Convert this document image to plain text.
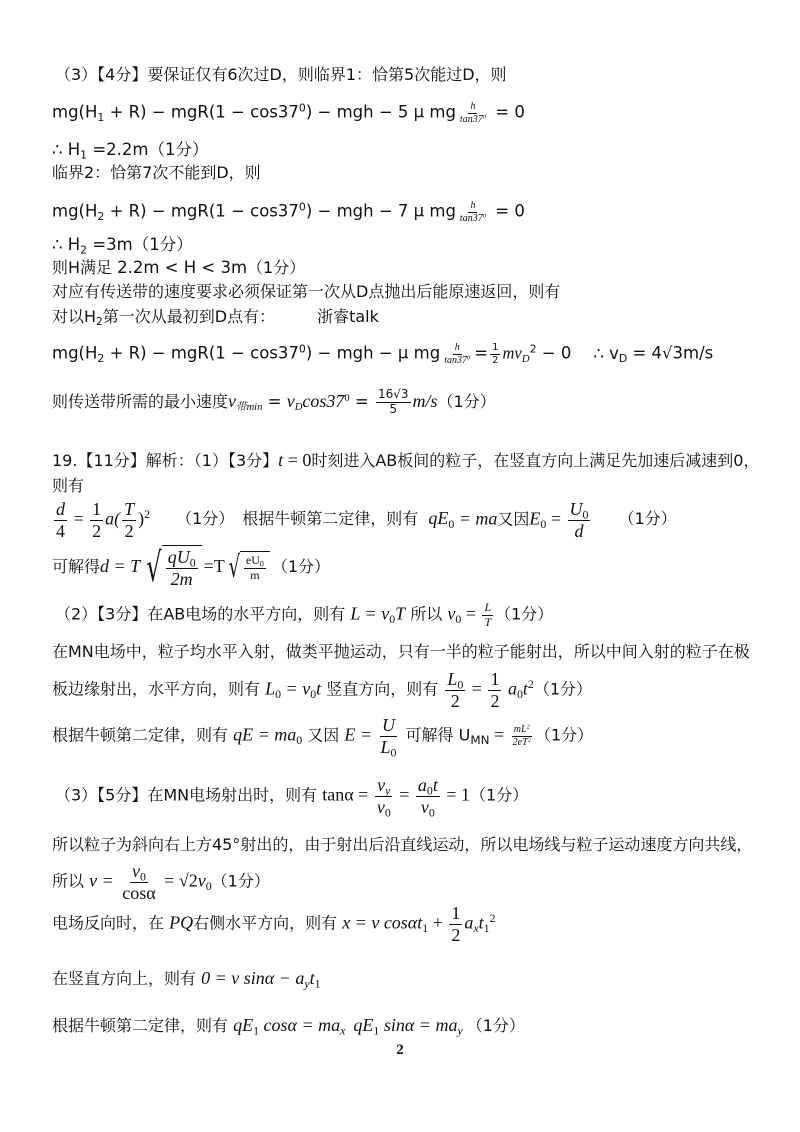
（3）【4分】要保证仅有6次过D，则临界1：恰第5次能过D，则
$mg(H1 + R) - mgR(1 - \cos 37^0)$ − mgh − 5 μ mg $\frac{h}{\tan 37^0} = 0$
∴ H1 =2.2m（1分）
临界2：恰第7次不能到D，则
$mg(H2 + R) - mgR(1 - \cos 37^0)$ − mgh − 7 μ mg $\frac{h}{\tan 37^0} = 0$
∴ H2 =3m（1分）
则H满足 2.2m < H < 3m（1分）
对应有传送带的速度要求必须保证第一次从D点抛出后能原速返回，则有
对以H2第一次从最初到D点有：	浙睿talk
$mg(H2 + R) - mgR(1 - \cos 37^0)$ − mgh − μ mg $\frac{h}{\tan 37^0} = \frac{1}{2} mvD^2 - 0$ ∴ vD = 4√3m/s
则传送带所需的最小速度v带$\min = vDcos37^0 = \frac{16√3}{5} m/s(1$分）
19.【11分】解析：（1）【3分】t = 0时刻进入AB板间的粒子，在竖直方向上满足先加速后减速到0，
则有
$\frac{d}{4} = \frac{1}{2} a( \frac{T}{2} )^2$ （1分） 根据牛顿第二定律，则有 qE0 = ma又因$E0 = \frac{U0}{d} (1$分）
可解得d = T √ $\frac{qU0}{2m} =T$ √ $\frac{eU0}{m} (1$分）
（2）【3分】在AB电场的水平方向，则有 L = v0T 所以 $v0 = \frac{L}{T} (1$分）
在MN电场中，粒子均水平入射，做类平抛运动，只有一半的粒子能射出，所以中间入射的粒子在极
板边缘射出，水平方向，则有 L0 = v0t 竖直方向，则有 $\frac{L0}{2} = \frac{1}{2} a0t^2(1$分）
根据牛顿第二定律，则有 qE = ma0 又因 $E = \frac{U}{L0}$ 可解得 UMN = $\frac{mL^2}{2eT^2} (1$分）
（3）【5分】在MN电场射出时，则有 $\tan\alpha = \frac{vy}{v0} = \frac{a0t}{v0} = 1(1$分）
所以粒子为斜向右上方45°射出的，由于射出后沿直线运动，所以电场线与粒子运动速度方向共线，
所以 $v = \frac{v0}{\cos\alpha} = √2v0(1$分）
电场反向时，在 PQ右侧水平方向，则有 x = v $\cos\alpha t1 + \frac{1}{2} axt1^2$
在竖直方向上，则有 0 = v sinα − ayt1
根据牛顿第二定律，则有 qE1 cosα = max qE1 sinα = may （1分）
2
